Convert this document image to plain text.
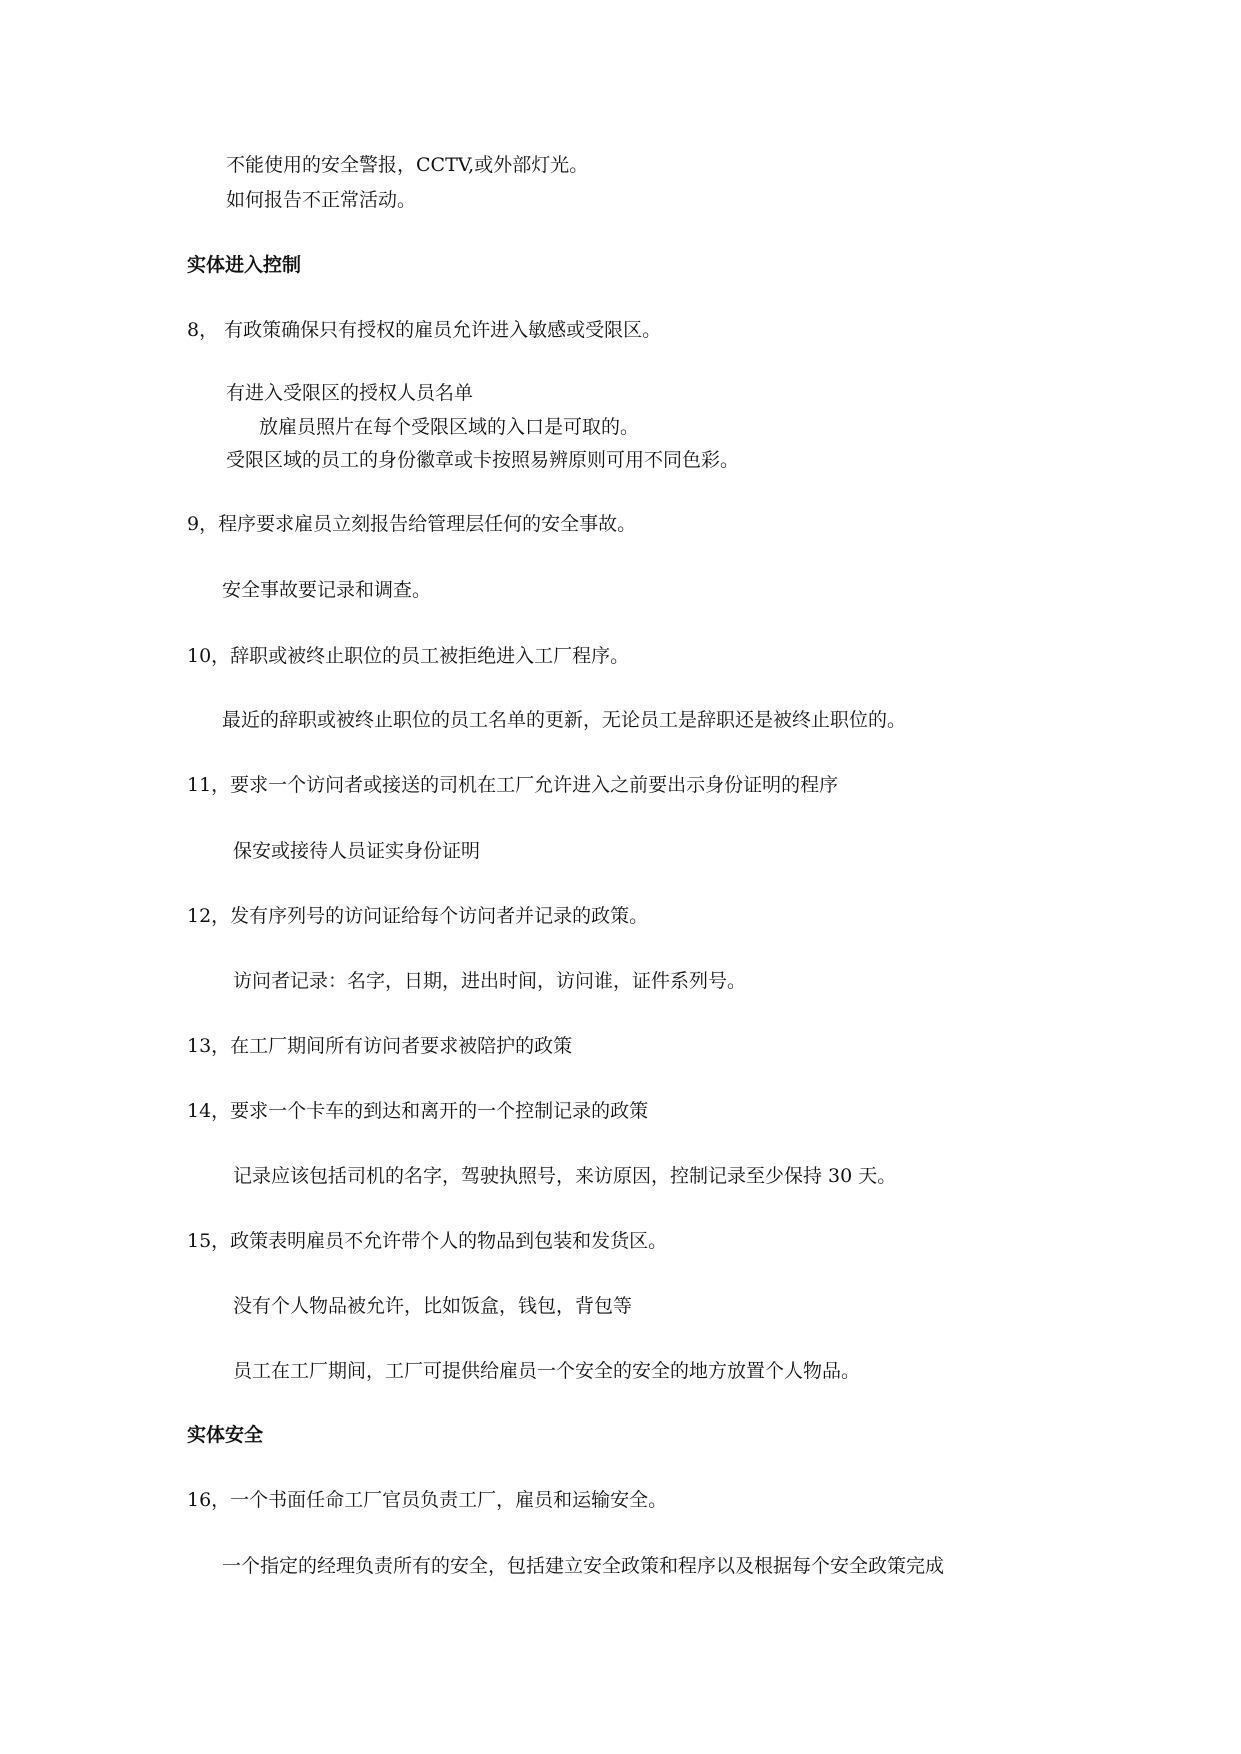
不能使用的安全警报，CCTV,或外部灯光。
如何报告不正常活动。
实体进入控制
8， 有政策确保只有授权的雇员允许进入敏感或受限区。
有进入受限区的授权人员名单
放雇员照片在每个受限区域的入口是可取的。
受限区域的员工的身份徽章或卡按照易辨原则可用不同色彩。
9，程序要求雇员立刻报告给管理层任何的安全事故。
安全事故要记录和调查。
10，辞职或被终止职位的员工被拒绝进入工厂程序。
最近的辞职或被终止职位的员工名单的更新，无论员工是辞职还是被终止职位的。
11，要求一个访问者或接送的司机在工厂允许进入之前要出示身份证明的程序
保安或接待人员证实身份证明
12，发有序列号的访问证给每个访问者并记录的政策。
访问者记录：名字，日期，进出时间，访问谁，证件系列号。
13，在工厂期间所有访问者要求被陪护的政策
14，要求一个卡车的到达和离开的一个控制记录的政策
记录应该包括司机的名字，驾驶执照号，来访原因，控制记录至少保持 30 天。
15，政策表明雇员不允许带个人的物品到包装和发货区。
没有个人物品被允许，比如饭盒，钱包，背包等
员工在工厂期间，工厂可提供给雇员一个安全的安全的地方放置个人物品。
实体安全
16，一个书面任命工厂官员负责工厂，雇员和运输安全。
一个指定的经理负责所有的安全，包括建立安全政策和程序以及根据每个安全政策完成
